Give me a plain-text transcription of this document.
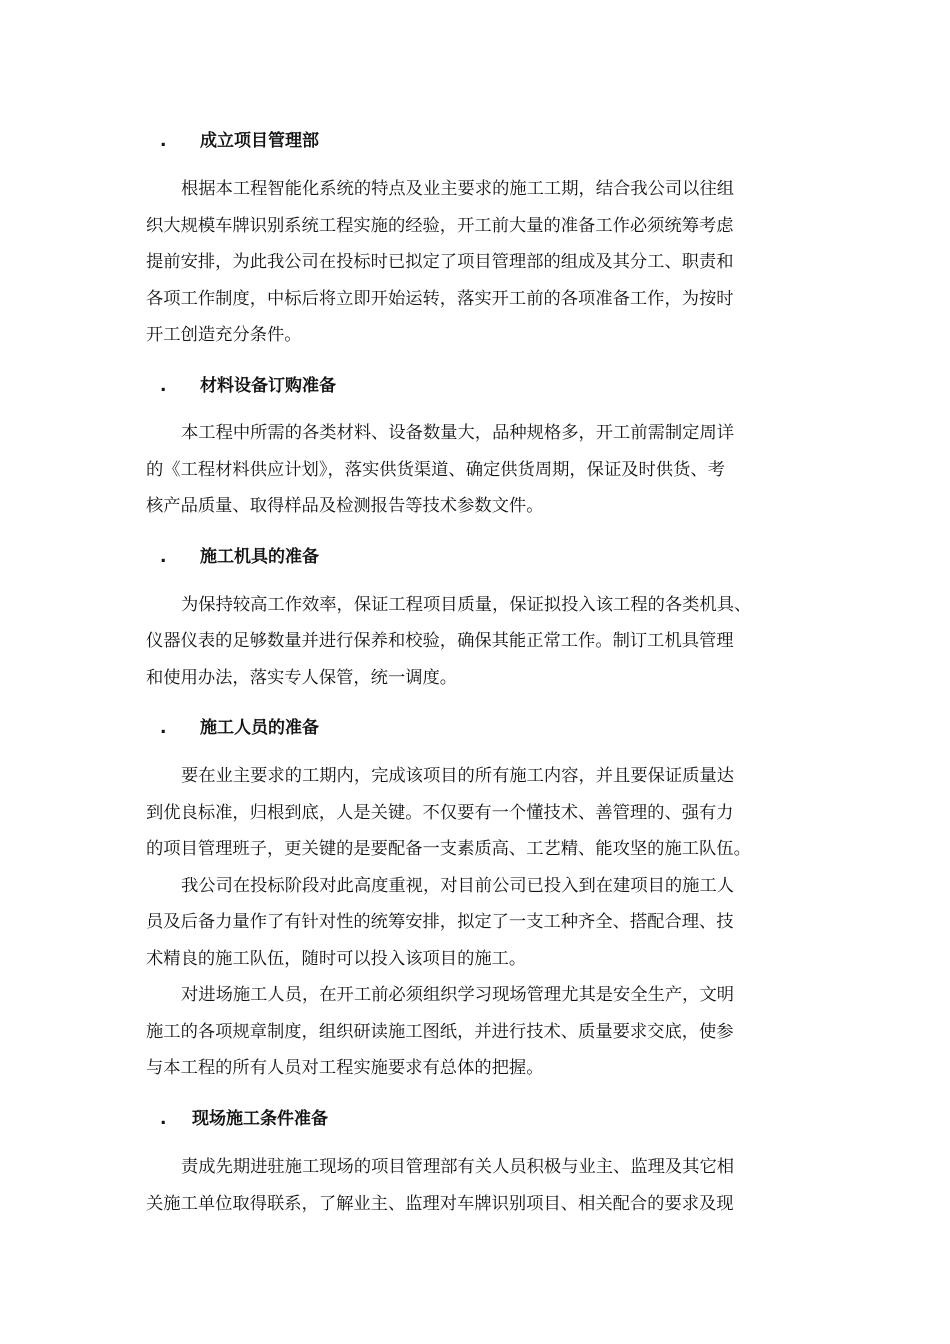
. 成立项目管理部
根据本工程智能化系统的特点及业主要求的施工工期，结合我公司以往组
织大规模车牌识别系统工程实施的经验，开工前大量的准备工作必须统筹考虑
提前安排，为此我公司在投标时已拟定了项目管理部的组成及其分工、职责和
各项工作制度，中标后将立即开始运转，落实开工前的各项准备工作，为按时
开工创造充分条件。
. 材料设备订购准备
本工程中所需的各类材料、设备数量大，品种规格多，开工前需制定周详
的《工程材料供应计划》，落实供货渠道、确定供货周期，保证及时供货、考
核产品质量、取得样品及检测报告等技术参数文件。
. 施工机具的准备
为保持较高工作效率，保证工程项目质量，保证拟投入该工程的各类机具、
仪器仪表的足够数量并进行保养和校验，确保其能正常工作。制订工机具管理
和使用办法，落实专人保管，统一调度。
. 施工人员的准备
要在业主要求的工期内，完成该项目的所有施工内容，并且要保证质量达
到优良标准，归根到底，人是关键。不仅要有一个懂技术、善管理的、强有力
的项目管理班子，更关键的是要配备一支素质高、工艺精、能攻坚的施工队伍。
我公司在投标阶段对此高度重视，对目前公司已投入到在建项目的施工人
员及后备力量作了有针对性的统筹安排，拟定了一支工种齐全、搭配合理、技
术精良的施工队伍，随时可以投入该项目的施工。
对进场施工人员，在开工前必须组织学习现场管理尤其是安全生产，文明
施工的各项规章制度，组织研读施工图纸，并进行技术、质量要求交底，使参
与本工程的所有人员对工程实施要求有总体的把握。
. 现场施工条件准备
责成先期进驻施工现场的项目管理部有关人员积极与业主、监理及其它相
关施工单位取得联系，了解业主、监理对车牌识别项目、相关配合的要求及现
